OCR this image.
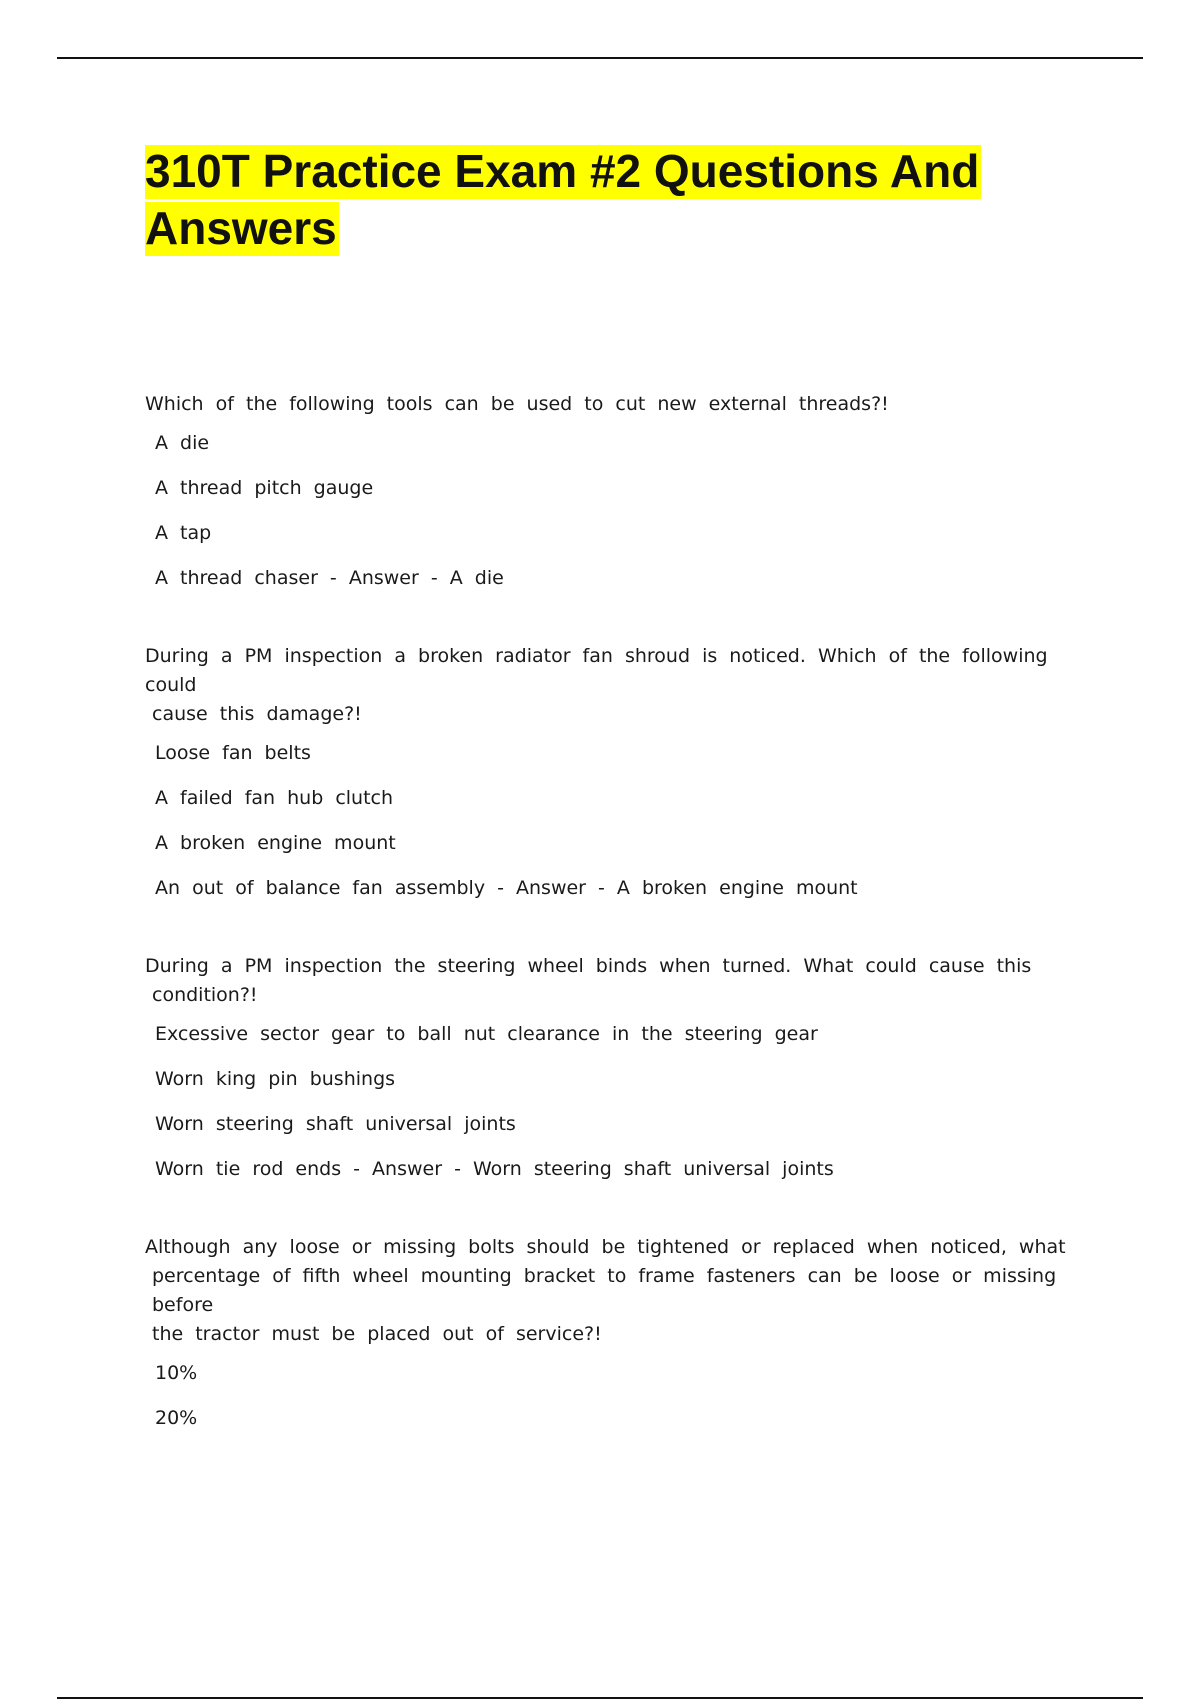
310T Practice Exam #2 Questions And
Answers
Which of the following tools can be used to cut new external threads?!
A die
A thread pitch gauge
A tap
A thread chaser - Answer - A die
During a PM inspection a broken radiator fan shroud is noticed. Which of the following could
cause this damage?!
Loose fan belts
A failed fan hub clutch
A broken engine mount
An out of balance fan assembly - Answer - A broken engine mount
During a PM inspection the steering wheel binds when turned. What could cause this
condition?!
Excessive sector gear to ball nut clearance in the steering gear
Worn king pin bushings
Worn steering shaft universal joints
Worn tie rod ends - Answer - Worn steering shaft universal joints
Although any loose or missing bolts should be tightened or replaced when noticed, what
percentage of fifth wheel mounting bracket to frame fasteners can be loose or missing before
the tractor must be placed out of service?!
10%
20%
